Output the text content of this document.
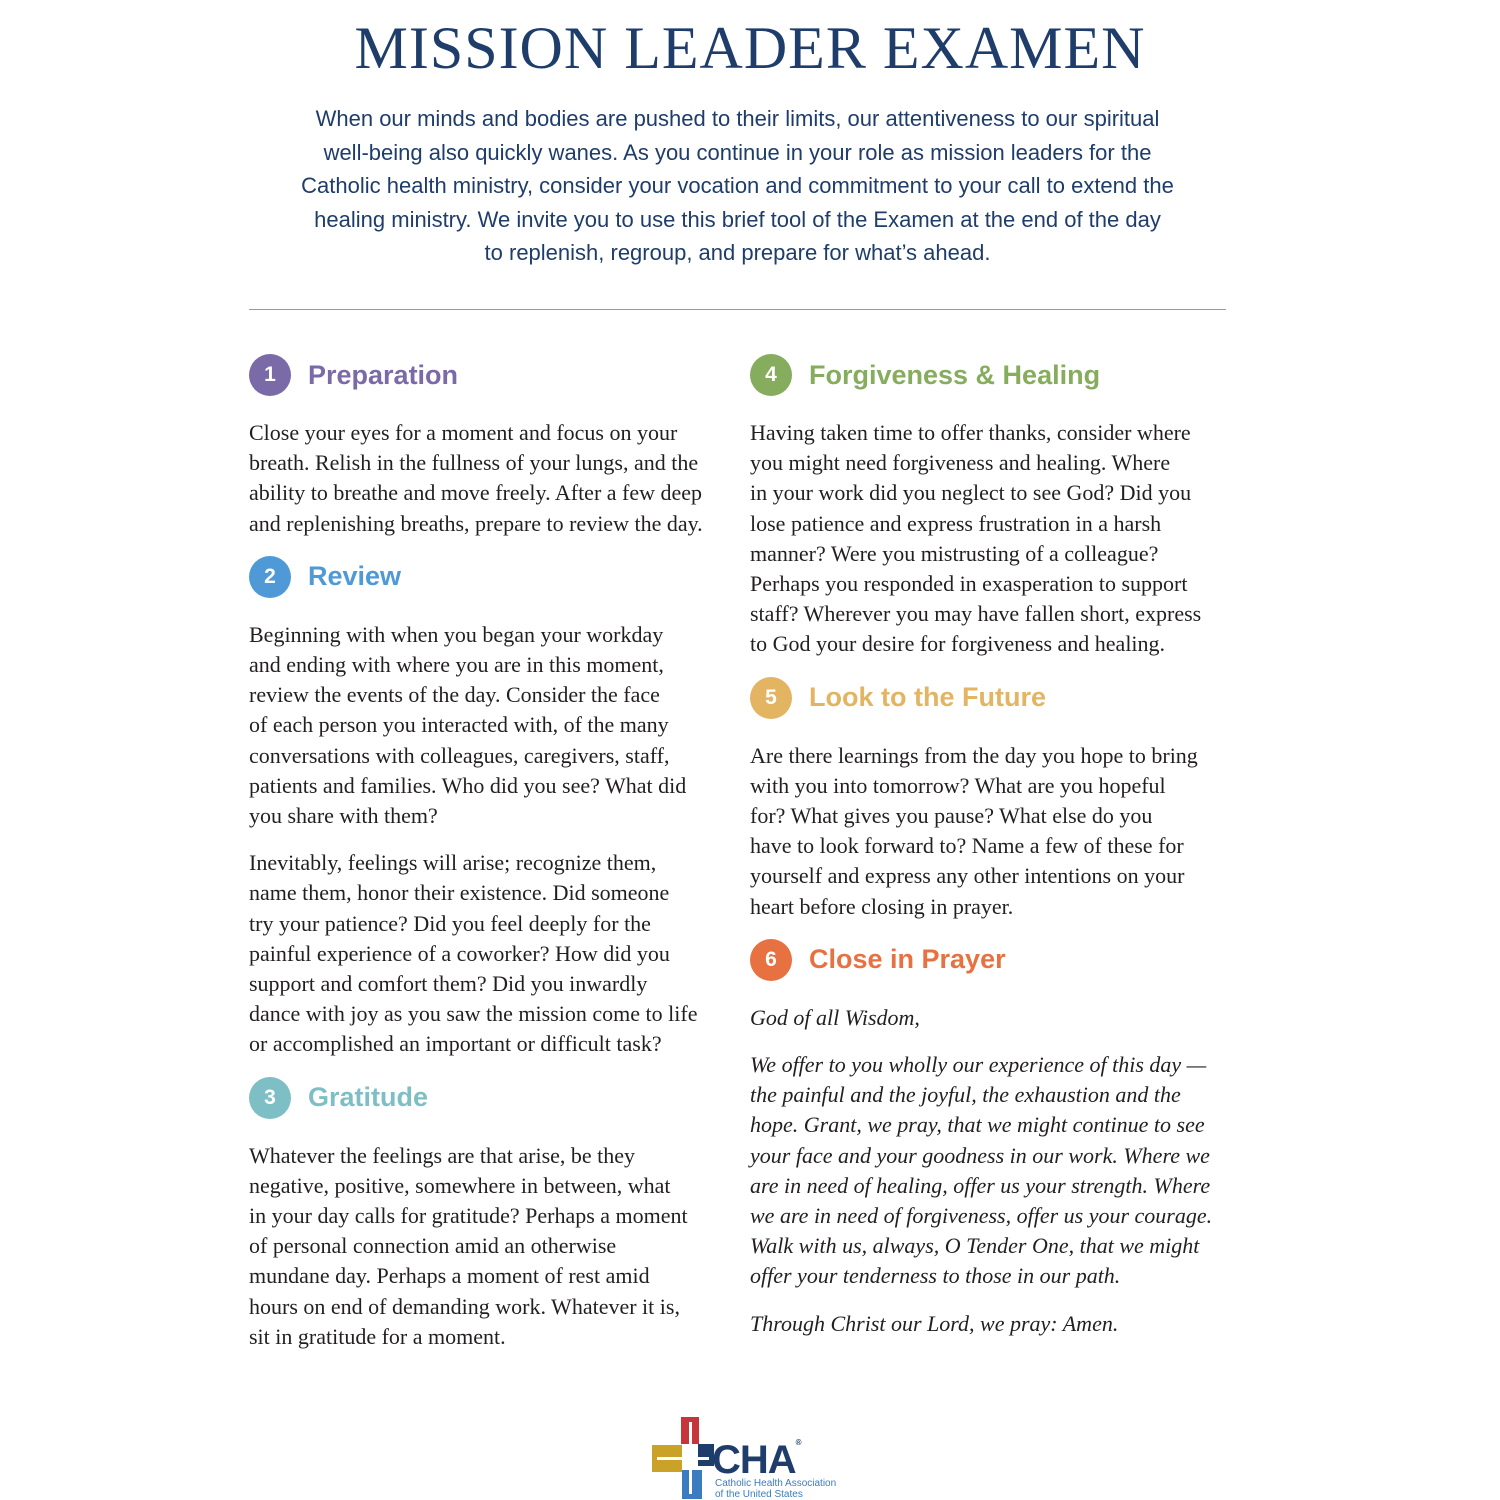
MISSION LEADER EXAMEN
When our minds and bodies are pushed to their limits, our attentiveness to our spiritual
well-being also quickly wanes. As you continue in your role as mission leaders for the
Catholic health ministry, consider your vocation and commitment to your call to extend the
healing ministry. We invite you to use this brief tool of the Examen at the end of the day
to replenish, regroup, and prepare for what’s ahead.
1	Preparation

Close your eyes for a moment and focus on your
breath. Relish in the fullness of your lungs, and the
ability to breathe and move freely. After a few deep
and replenishing breaths, prepare to review the day.

2	Review

Beginning with when you began your workday
and ending with where you are in this moment,
review the events of the day. Consider the face
of each person you interacted with, of the many
conversations with colleagues, caregivers, staff,
patients and families. Who did you see? What did
you share with them?

Inevitably, feelings will arise; recognize them,
name them, honor their existence. Did someone
try your patience? Did you feel deeply for the
painful experience of a coworker? How did you
support and comfort them? Did you inwardly
dance with joy as you saw the mission come to life
or accomplished an important or difficult task?

3	Gratitude

Whatever the feelings are that arise, be they
negative, positive, somewhere in between, what
in your day calls for gratitude? Perhaps a moment
of personal connection amid an otherwise
mundane day. Perhaps a moment of rest amid
hours on end of demanding work. Whatever it is,
sit in gratitude for a moment.

4	Forgiveness & Healing

Having taken time to offer thanks, consider where
you might need forgiveness and healing. Where
in your work did you neglect to see God? Did you
lose patience and express frustration in a harsh
manner? Were you mistrusting of a colleague?
Perhaps you responded in exasperation to support
staff? Wherever you may have fallen short, express
to God your desire for forgiveness and healing.

5	Look to the Future

Are there learnings from the day you hope to bring
with you into tomorrow? What are you hopeful
for? What gives you pause? What else do you
have to look forward to? Name a few of these for
yourself and express any other intentions on your
heart before closing in prayer.

6	Close in Prayer

God of all Wisdom,

We offer to you wholly our experience of this day —
the painful and the joyful, the exhaustion and the
hope. Grant, we pray, that we might continue to see
your face and your goodness in our work. Where we
are in need of healing, offer us your strength. Where
we are in need of forgiveness, offer us your courage.
Walk with us, always, O Tender One, that we might
offer your tenderness to those in our path.

Through Christ our Lord, we pray: Amen.

CHA®
Catholic Health Association
of the United States
